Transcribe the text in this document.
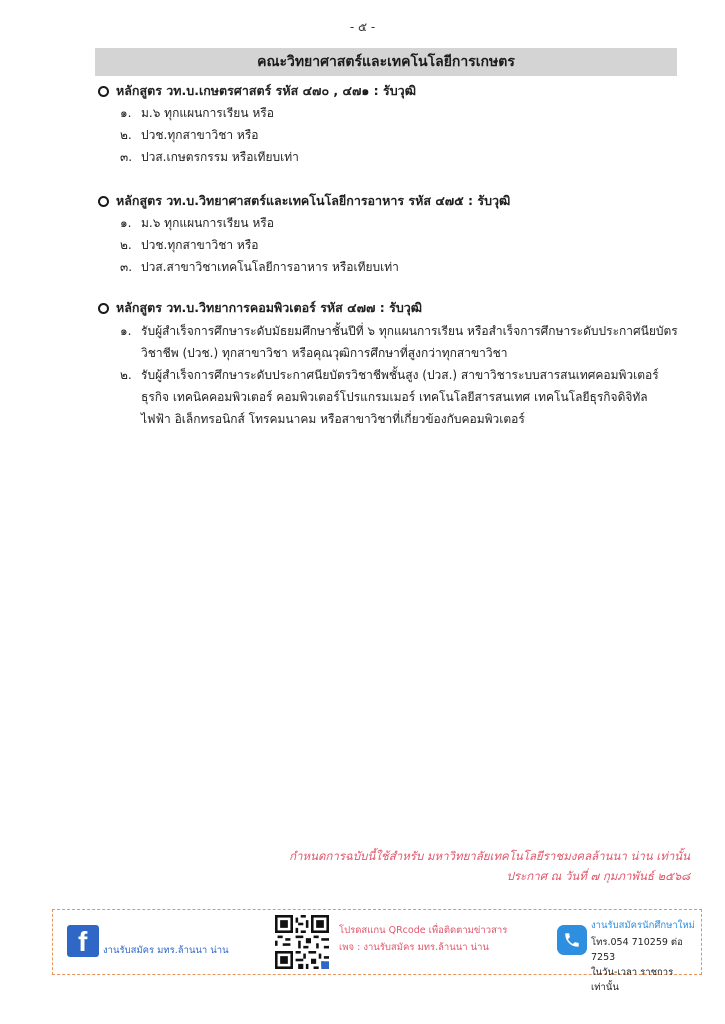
- ๕ -
คณะวิทยาศาสตร์และเทคโนโลยีการเกษตร
หลักสูตร วท.บ.เกษตรศาสตร์ รหัส ๔๗๐ , ๔๗๑ : รับวุฒิ
๑. ม.๖ ทุกแผนการเรียน หรือ
๒. ปวช.ทุกสาขาวิชา หรือ
๓. ปวส.เกษตรกรรม หรือเทียบเท่า
หลักสูตร วท.บ.วิทยาศาสตร์และเทคโนโลยีการอาหาร รหัส ๔๗๕ : รับวุฒิ
๑. ม.๖ ทุกแผนการเรียน หรือ
๒. ปวช.ทุกสาขาวิชา หรือ
๓. ปวส.สาขาวิชาเทคโนโลยีการอาหาร หรือเทียบเท่า
หลักสูตร วท.บ.วิทยาการคอมพิวเตอร์ รหัส ๔๗๗ : รับวุฒิ
๑. รับผู้สำเร็จการศึกษาระดับมัธยมศึกษาชั้นปีที่ ๖ ทุกแผนการเรียน หรือสำเร็จการศึกษาระดับประกาศนียบัตรวิชาชีพ (ปวช.) ทุกสาขาวิชา หรือคุณวุฒิการศึกษาที่สูงกว่าทุกสาขาวิชา
๒. รับผู้สำเร็จการศึกษาระดับประกาศนียบัตรวิชาชีพชั้นสูง (ปวส.) สาขาวิชาระบบสารสนเทศคอมพิวเตอร์ธุรกิจ เทคนิคคอมพิวเตอร์ คอมพิวเตอร์โปรแกรมเมอร์ เทคโนโลยีสารสนเทศ เทคโนโลยีธุรกิจดิจิทัล ไฟฟ้า อิเล็กทรอนิกส์ โทรคมนาคม หรือสาขาวิชาที่เกี่ยวข้องกับคอมพิวเตอร์
กำหนดการฉบับนี้ใช้สำหรับ มหาวิทยาลัยเทคโนโลยีราชมงคลล้านนา น่าน เท่านั้น
ประกาศ ณ วันที่ ๗ กุมภาพันธ์ ๒๕๖๘
f งานรับสมัคร มทร.ล้านนา น่าน
โปรดสแกน QRcode เพื่อติดตามข่าวสาร
เพจ : งานรับสมัคร มทร.ล้านนา น่าน
งานรับสมัครนักศึกษาใหม่
โทร.054 710259 ต่อ 7253
ในวัน-เวลา ราชการเท่านั้น
